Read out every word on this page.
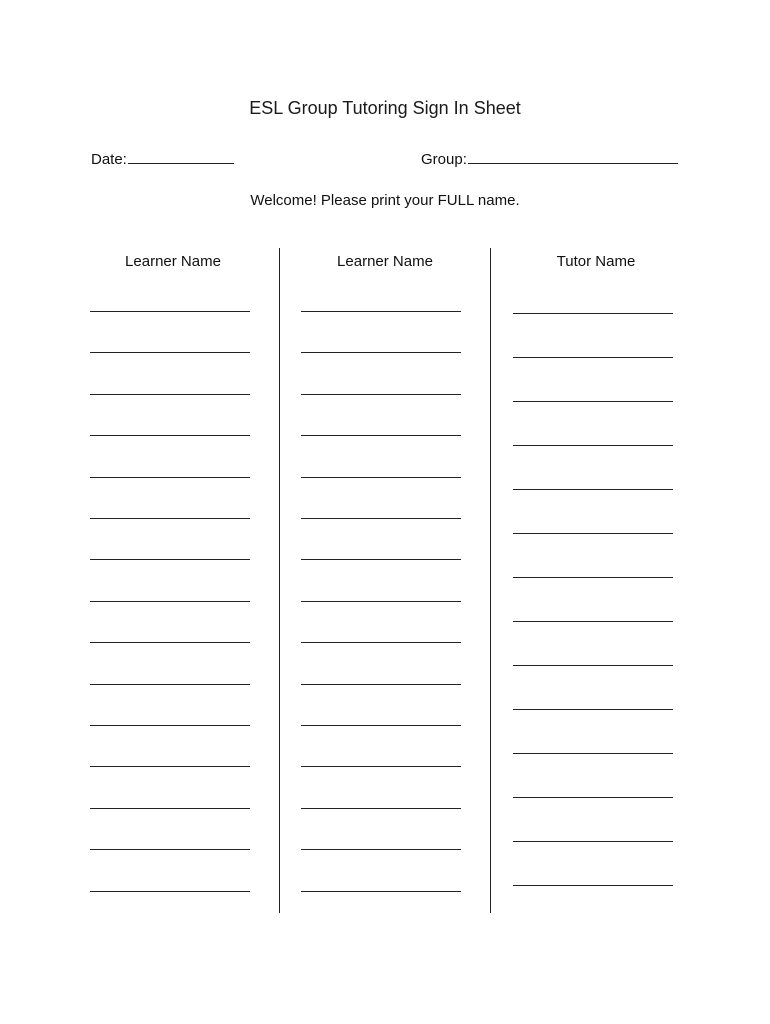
ESL Group Tutoring Sign In Sheet
Date:	Group:
Welcome! Please print your FULL name.
Learner Name	Learner Name	Tutor Name
